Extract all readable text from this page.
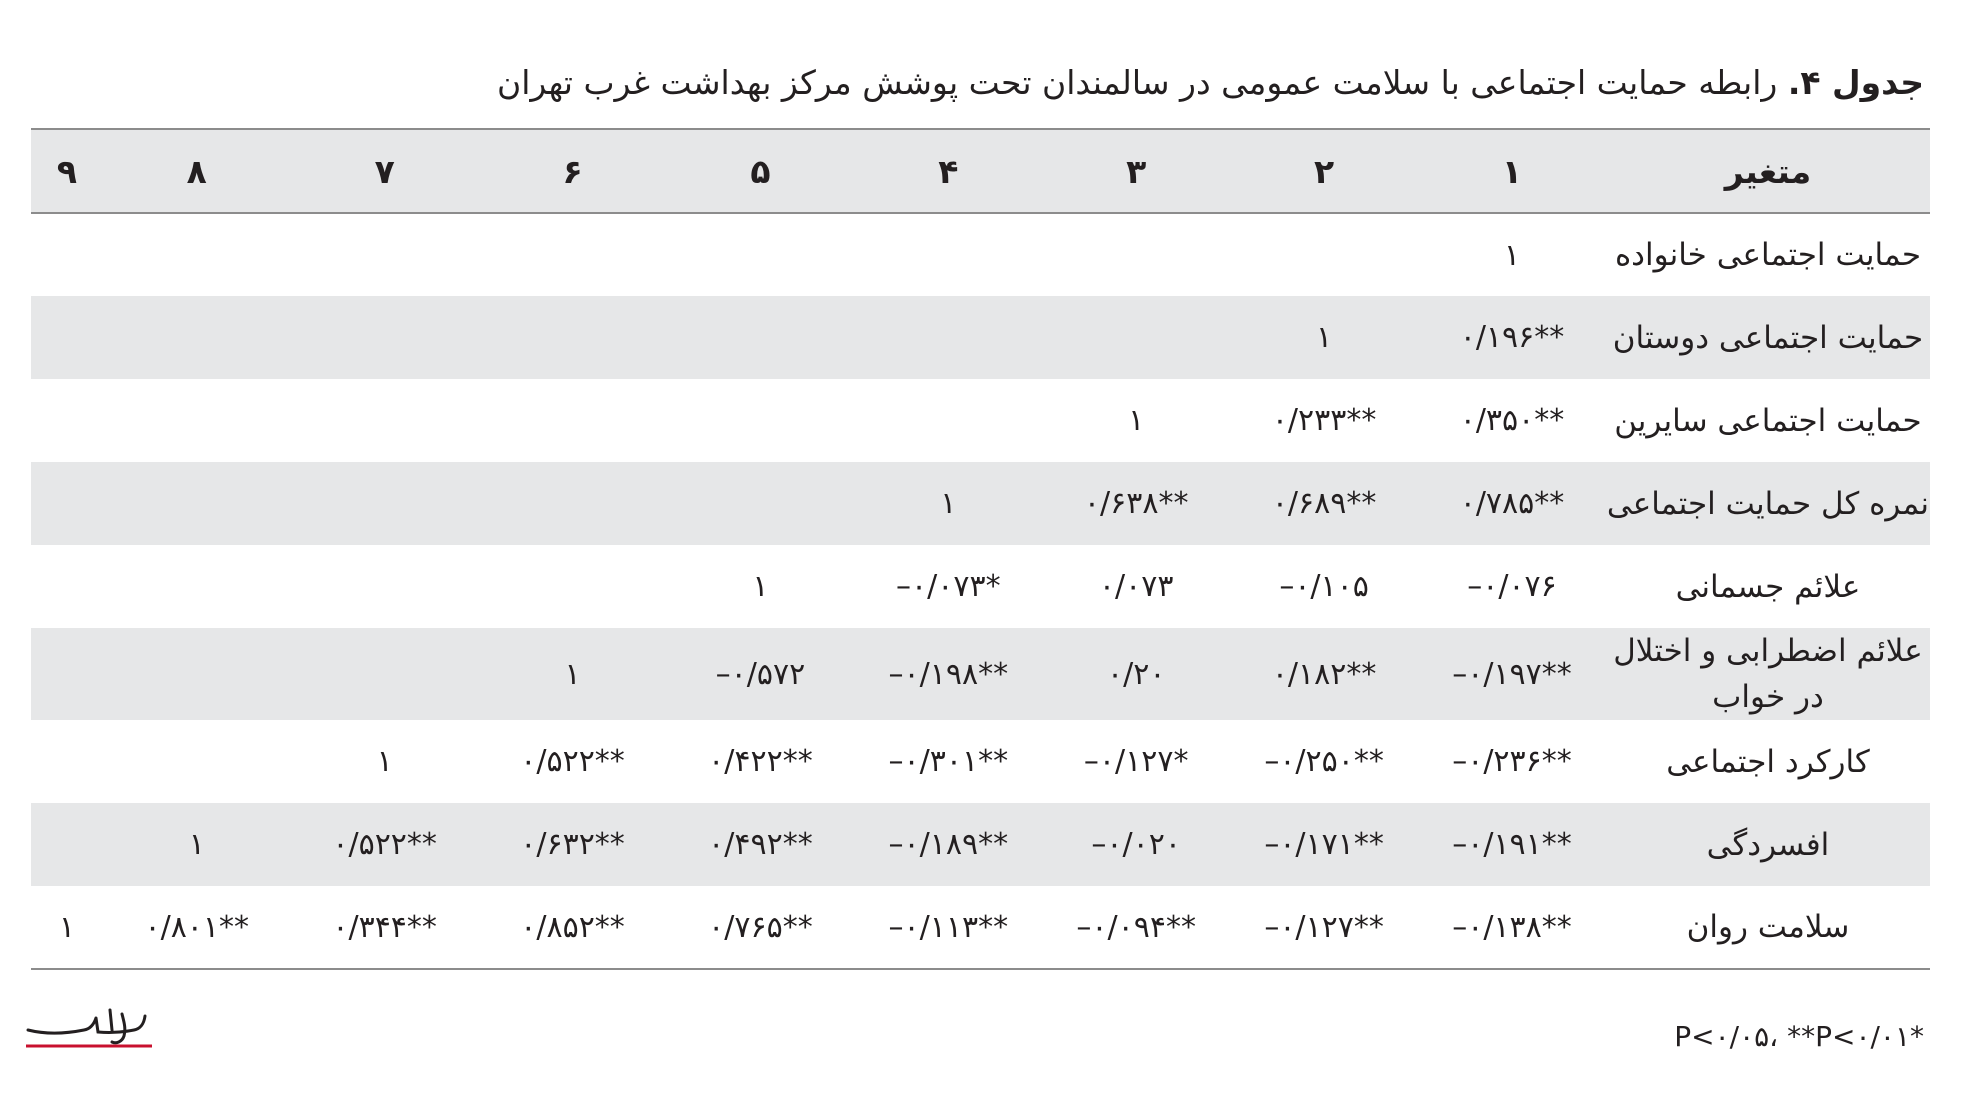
جدول ۴. رابطه حمایت اجتماعی با سلامت عمومی در سالمندان تحت پوشش مرکز بهداشت غرب تهران
متغیر	۱	۲	۳	۴	۵	۶	۷	۸	۹
حمایت اجتماعی خانواده	۱								
حمایت اجتماعی دوستان	۰/۱۹۶**	۱							
حمایت اجتماعی سایرین	۰/۳۵۰**	۰/۲۳۳**	۱						
نمره کل حمایت اجتماعی	۰/۷۸۵**	۰/۶۸۹**	۰/۶۳۸**	۱					
علائم جسمانی	–۰/۰۷۶	–۰/۱۰۵	۰/۰۷۳	–۰/۰۷۳*	۱				
علائم اضطرابی و اختلال در خواب	–۰/۱۹۷**	۰/۱۸۲**	۰/۲۰	–۰/۱۹۸**	–۰/۵۷۲	۱			
کارکرد اجتماعی	–۰/۲۳۶**	–۰/۲۵۰**	–۰/۱۲۷*	–۰/۳۰۱**	۰/۴۲۲**	۰/۵۲۲**	۱		
افسردگی	–۰/۱۹۱**	–۰/۱۷۱**	–۰/۰۲۰	–۰/۱۸۹**	۰/۴۹۲**	۰/۶۳۲**	۰/۵۲۲**	۱	
سلامت روان	–۰/۱۳۸**	–۰/۱۲۷**	–۰/۰۹۴**	–۰/۱۱۳**	۰/۷۶۵**	۰/۸۵۲**	۰/۳۴۴**	۰/۸۰۱**	۱
*P<۰/۰۵، **P<۰/۰۱
